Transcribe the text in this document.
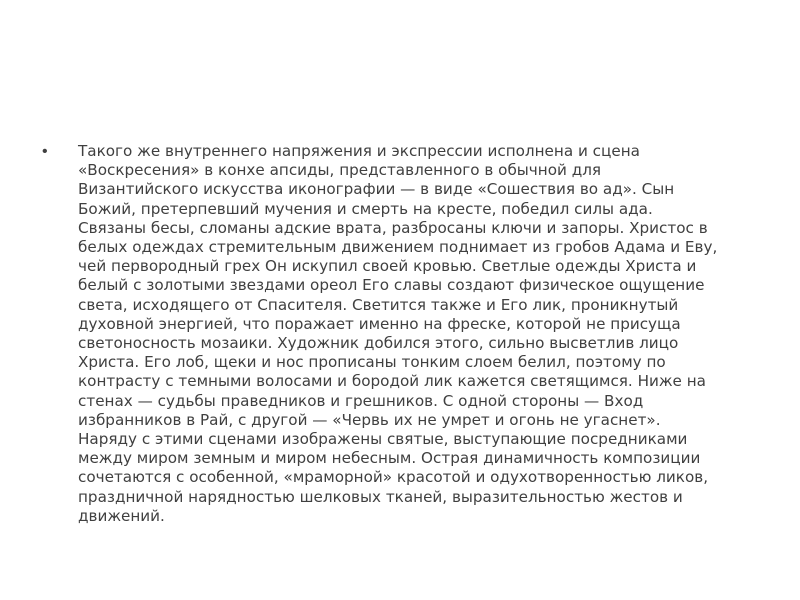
•	Такого же внутреннего напряжения и экспрессии исполнена и сцена
«Воскресения» в конхе апсиды, представленного в обычной для
Византийского искусства иконографии — в виде «Сошествия во ад». Сын
Божий, претерпевший мучения и смерть на кресте, победил силы ада.
Связаны бесы, сломаны адские врата, разбросаны ключи и запоры. Христос в
белых одеждах стремительным движением поднимает из гробов Адама и Еву,
чей первородный грех Он искупил своей кровью. Светлые одежды Христа и
белый с золотыми звездами ореол Его славы создают физическое ощущение
света, исходящего от Спасителя. Светится также и Его лик, проникнутый
духовной энергией, что поражает именно на фреске, которой не присуща
светоносность мозаики. Художник добился этого, сильно высветлив лицо
Христа. Его лоб, щеки и нос прописаны тонким слоем белил, поэтому по
контрасту с темными волосами и бородой лик кажется светящимся. Ниже на
стенах — судьбы праведников и грешников. С одной стороны — Вход
избранников в Рай, с другой — «Червь их не умрет и огонь не угаснет».
Наряду с этими сценами изображены святые, выступающие посредниками
между миром земным и миром небесным. Острая динамичность композиции
сочетаются с особенной, «мраморной» красотой и одухотворенностью ликов,
праздничной нарядностью шелковых тканей, выразительностью жестов и
движений.
